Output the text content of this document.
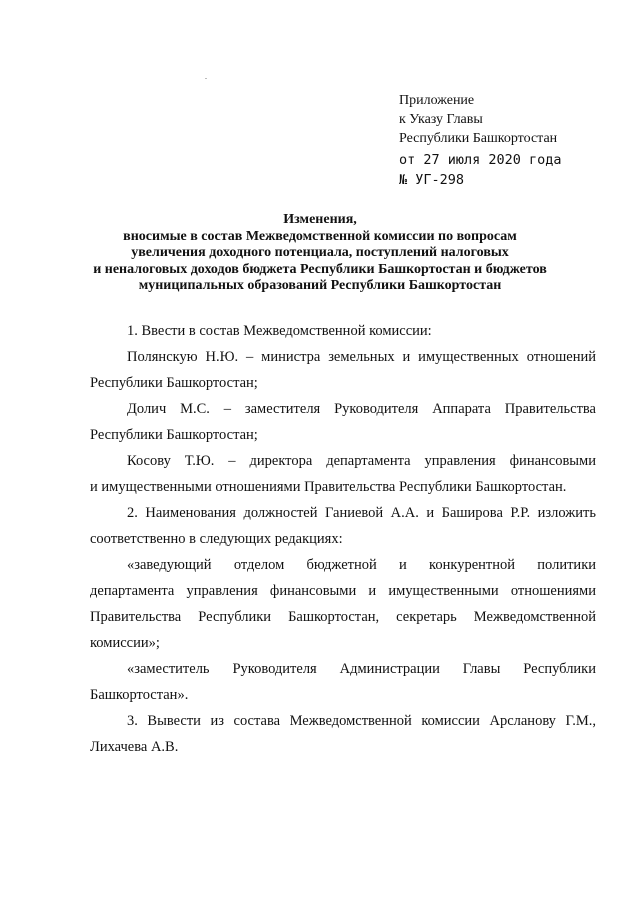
Приложение
к Указу Главы
Республики Башкортостан
от 27 июля 2020 года
№ УГ-298
Изменения,
вносимые в состав Межведомственной комиссии по вопросам
увеличения доходного потенциала, поступлений налоговых
и неналоговых доходов бюджета Республики Башкортостан и бюджетов
муниципальных образований Республики Башкортостан
1. Ввести в состав Межведомственной комиссии:
Полянскую Н.Ю. – министра земельных и имущественных отношений
Республики Башкортостан;
Долич М.С. – заместителя Руководителя Аппарата Правительства
Республики Башкортостан;
Косову Т.Ю. – директора департамента управления финансовыми
и имущественными отношениями Правительства Республики Башкортостан.
2. Наименования должностей Ганиевой А.А. и Баширова Р.Р. изложить
соответственно в следующих редакциях:
«заведующий отделом бюджетной и конкурентной политики
департамента управления финансовыми и имущественными отношениями
Правительства Республики Башкортостан, секретарь Межведомственной
комиссии»;
«заместитель Руководителя Администрации Главы Республики
Башкортостан».
3. Вывести из состава Межведомственной комиссии Арсланову Г.М.,
Лихачева А.В.
